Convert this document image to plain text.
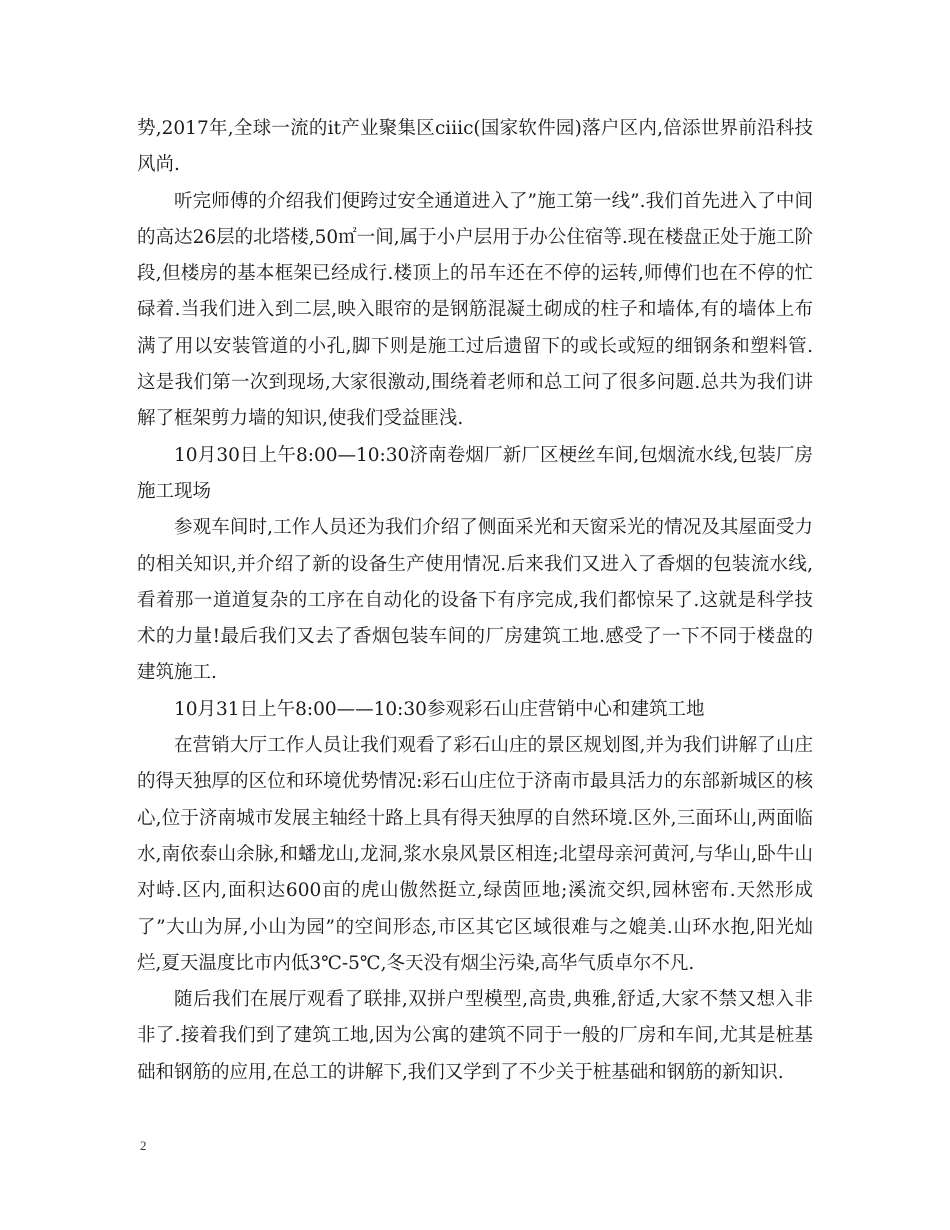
势,2017年,全球一流的it产业聚集区ciiic(国家软件园)落户区内,倍添世界前沿科技风尚.

听完师傅的介绍我们便跨过安全通道进入了”施工第一线”.我们首先进入了中间的高达26层的北塔楼,50㎡一间,属于小户层用于办公住宿等.现在楼盘正处于施工阶段,但楼房的基本框架已经成行.楼顶上的吊车还在不停的运转,师傅们也在不停的忙碌着.当我们进入到二层,映入眼帘的是钢筋混凝土砌成的柱子和墙体,有的墙体上布满了用以安装管道的小孔,脚下则是施工过后遗留下的或长或短的细钢条和塑料管.这是我们第一次到现场,大家很激动,围绕着老师和总工问了很多问题.总共为我们讲解了框架剪力墙的知识,使我们受益匪浅.

10月30日上午8:00—10:30济南卷烟厂新厂区梗丝车间,包烟流水线,包装厂房施工现场

参观车间时,工作人员还为我们介绍了侧面采光和天窗采光的情况及其屋面受力的相关知识,并介绍了新的设备生产使用情况.后来我们又进入了香烟的包装流水线,看着那一道道复杂的工序在自动化的设备下有序完成,我们都惊呆了.这就是科学技术的力量!最后我们又去了香烟包装车间的厂房建筑工地.感受了一下不同于楼盘的建筑施工.

10月31日上午8:00——10:30参观彩石山庄营销中心和建筑工地

在营销大厅工作人员让我们观看了彩石山庄的景区规划图,并为我们讲解了山庄的得天独厚的区位和环境优势情况:彩石山庄位于济南市最具活力的东部新城区的核心,位于济南城市发展主轴经十路上具有得天独厚的自然环境.区外,三面环山,两面临水,南依泰山余脉,和蟠龙山,龙洞,浆水泉风景区相连;北望母亲河黄河,与华山,卧牛山对峙.区内,面积达600亩的虎山傲然挺立,绿茵匝地;溪流交织,园林密布.天然形成了”大山为屏,小山为园”的空间形态,市区其它区域很难与之媲美.山环水抱,阳光灿烂,夏天温度比市内低3℃-5℃,冬天没有烟尘污染,高华气质卓尔不凡.

随后我们在展厅观看了联排,双拼户型模型,高贵,典雅,舒适,大家不禁又想入非非了.接着我们到了建筑工地,因为公寓的建筑不同于一般的厂房和车间,尤其是桩基础和钢筋的应用,在总工的讲解下,我们又学到了不少关于桩基础和钢筋的新知识.

2
